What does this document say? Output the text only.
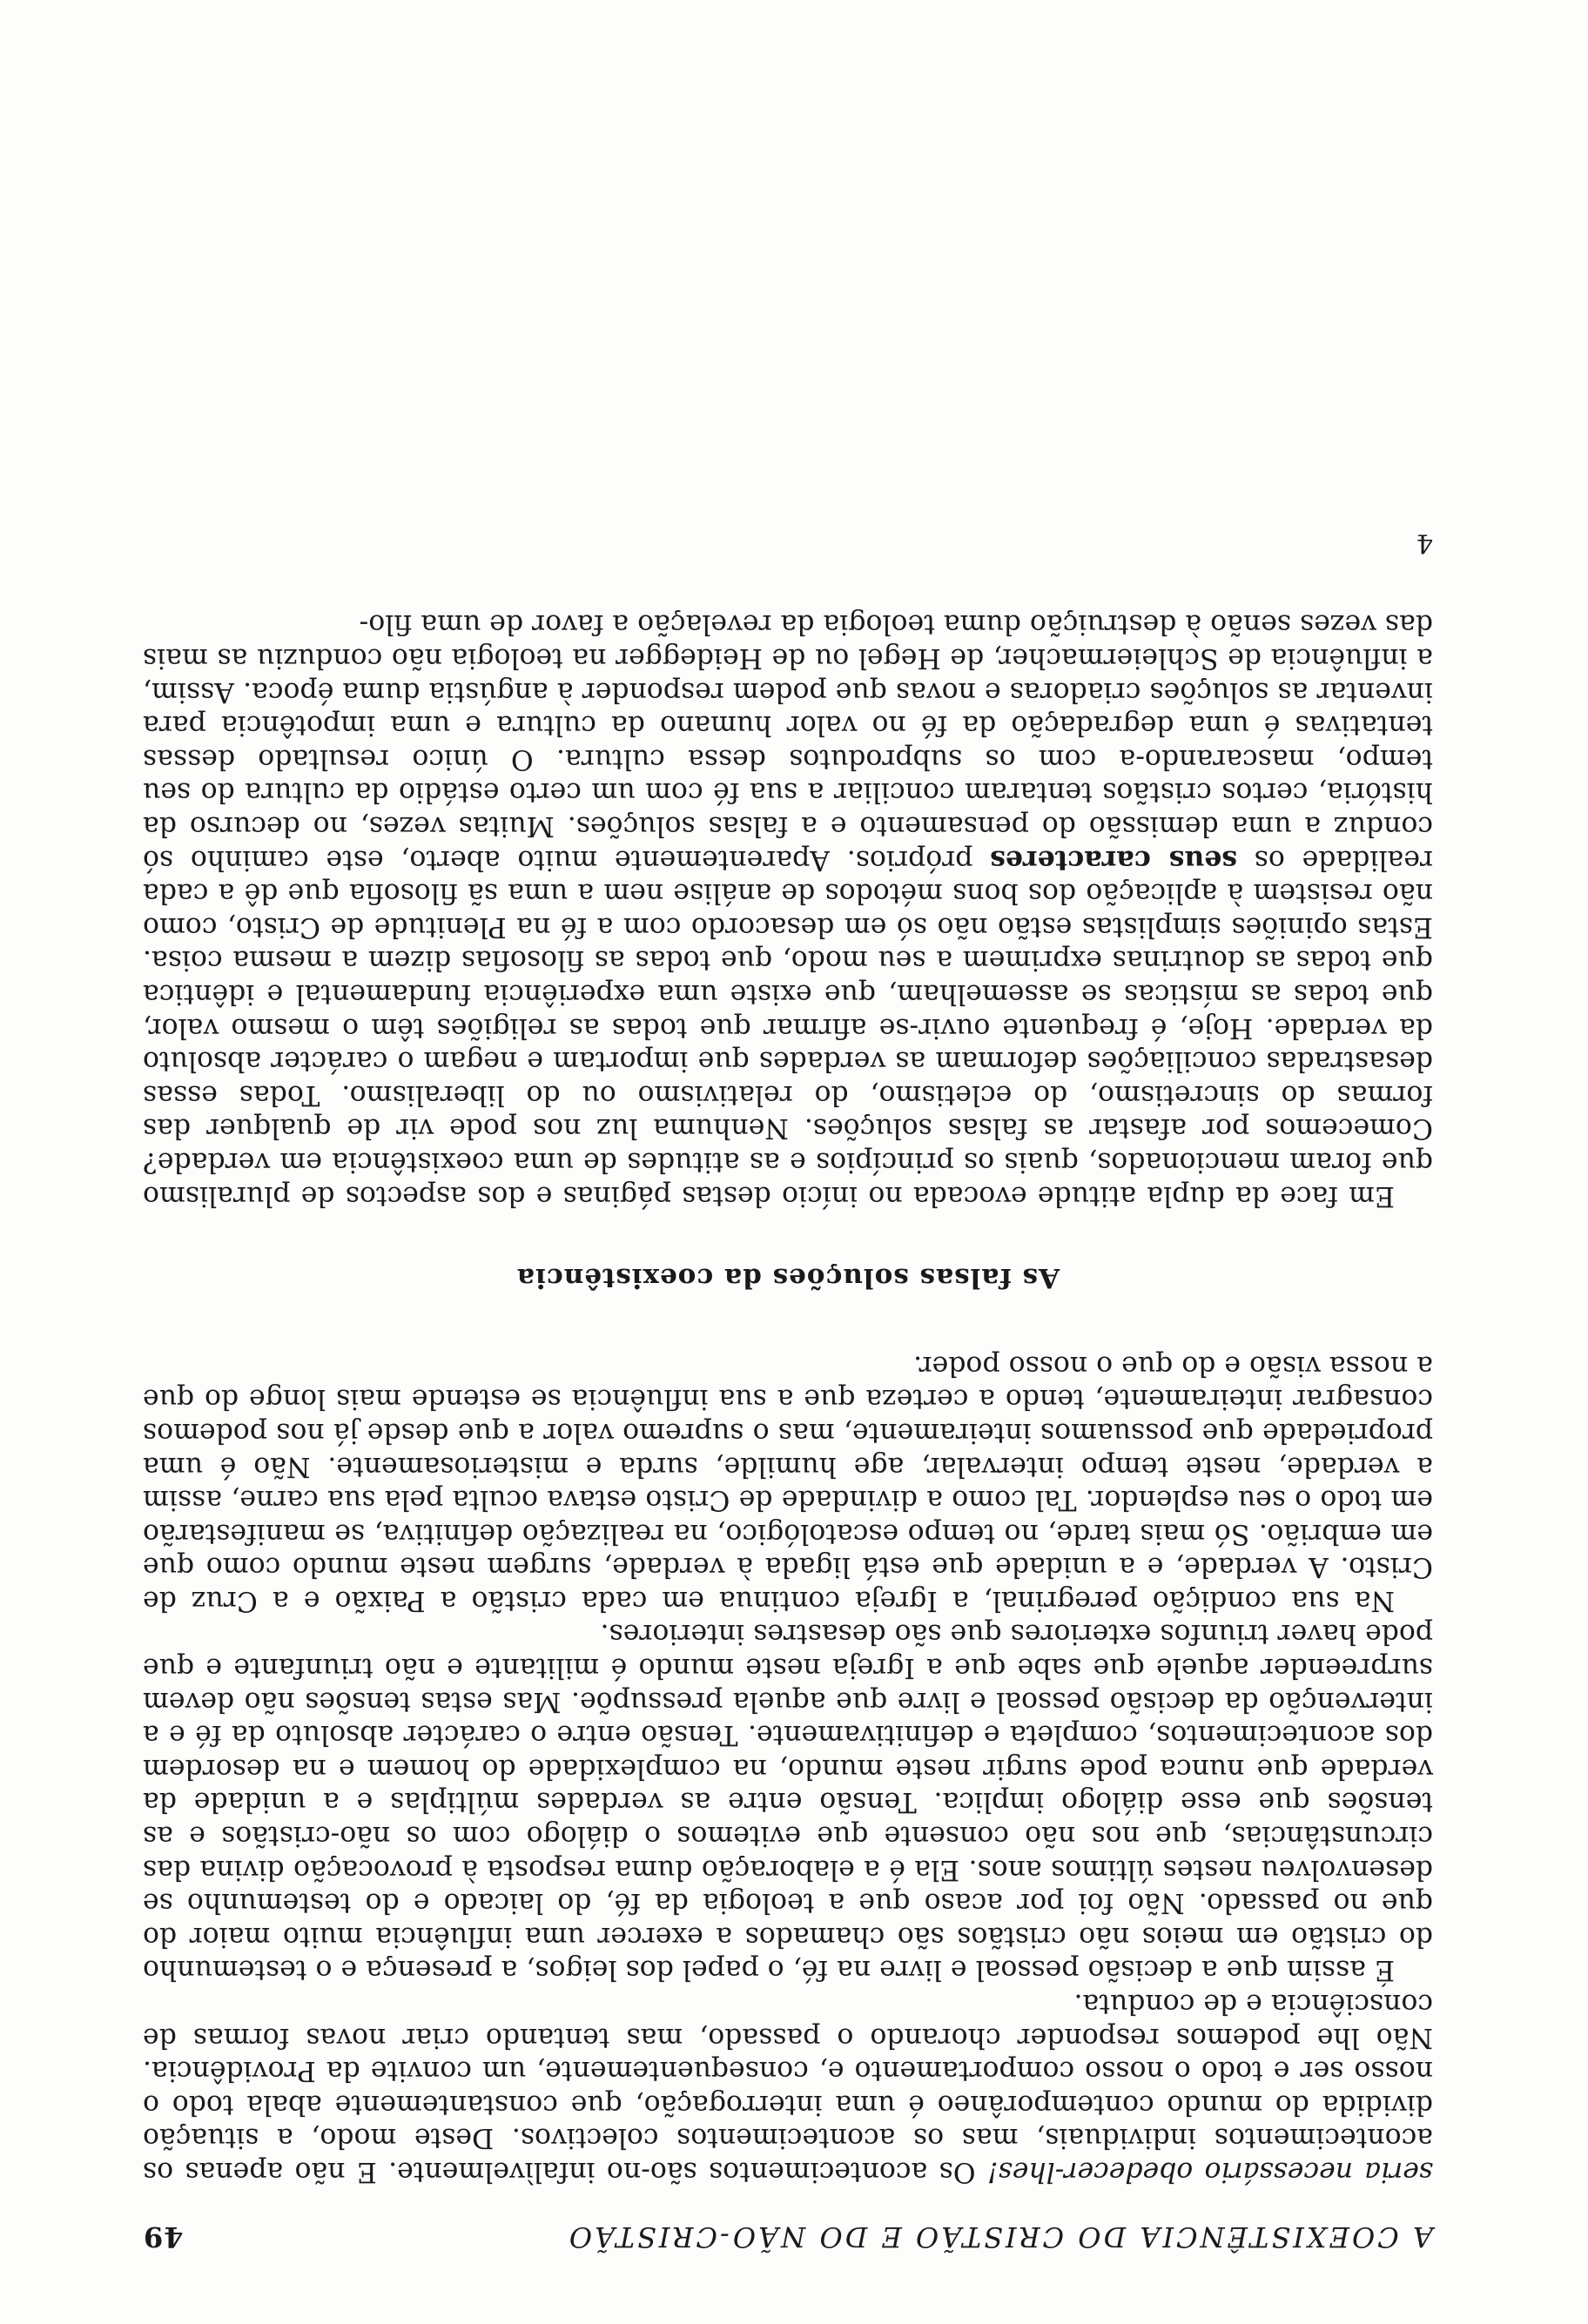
A COEXISTÊNCIA DO CRISTÃO E DO NÃO-CRISTÃO
49

seria necessário obedecer-lhes! Os acontecimentos são-no infalìvelmente. E não apenas os acontecimentos individuais, mas os acontecimentos colectivos. Deste modo, a situação dividida do mundo contemporâneo é uma interrogação, que constantemente abala todo o nosso ser e todo o nosso comportamento e, consequentemente, um convite da Providência. Não lhe podemos responder chorando o passado, mas tentando criar novas formas de consciência e de conduta.

É assim que a decisão pessoal e livre na fé, o papel dos leigos, a presença e o testemunho do cristão em meios não cristãos são chamados a exercer uma influência muito maior do que no passado. Não foi por acaso que a teologia da fé, do laicado e do testemunho se desenvolveu nestes últimos anos. Ela é a elaboração duma resposta à provocação divina das circunstâncias, que nos não consente que evitemos o diálogo com os não-cristãos e as tensões que esse diálogo implica. Tensão entre as verdades múltiplas e a unidade da verdade que nunca pode surgir neste mundo, na complexidade do homem e na desordem dos acontecimentos, completa e definitivamente. Tensão entre o carácter absoluto da fé e a intervenção da decisão pessoal e livre que aquela pressupõe. Mas estas tensões não devem surpreender aquele que sabe que a Igreja neste mundo é militante e não triunfante e que pode haver triunfos exteriores que são desastres interiores.

Na sua condição peregrinal, a Igreja continua em cada cristão a Paixão e a Cruz de Cristo. A verdade, e a unidade que está ligada à verdade, surgem neste mundo como que em embrião. Só mais tarde, no tempo escatológico, na realização definitiva, se manifestarão em todo o seu esplendor. Tal como a divindade de Cristo estava oculta pela sua carne, assim a verdade, neste tempo intervalar, age humilde, surda e misteriosamente. Não é uma propriedade que possuamos inteiramente, mas o supremo valor a que desde já nos podemos consagrar inteiramente, tendo a certeza que a sua influência se estende mais longe do que a nossa visão e do que o nosso poder.

As falsas soluções da coexistência

Em face da dupla atitude evocada no início destas páginas e dos aspectos de pluralismo que foram mencionados, quais os princípios e as atitudes de uma coexistência em verdade? Comecemos por afastar as falsas soluções. Nenhuma luz nos pode vir de qualquer das formas do sincretismo, do ecletismo, do relativismo ou do liberalismo. Todas essas desastradas conciliações deformam as verdades que importam e negam o carácter absoluto da verdade. Hoje, é frequente ouvir-se afirmar que todas as religiões têm o mesmo valor, que todas as místicas se assemelham, que existe uma experiência fundamental e idêntica que todas as doutrinas exprimem a seu modo, que todas as filosofias dizem a mesma coisa. Estas opiniões simplistas estão não só em desacordo com a fé na Plenitude de Cristo, como não resistem à aplicação dos bons métodos de análise nem a uma sã filosofia que dê a cada realidade os seus caracteres próprios. Aparentemente muito aberto, este caminho só conduz a uma demissão do pensamento e a falsas soluções. Muitas vezes, no decurso da história, certos cristãos tentaram conciliar a sua fé com um certo estádio da cultura do seu tempo, mascarando-a com os subprodutos dessa cultura. O único resultado dessas tentativas é uma degradação da fé no valor humano da cultura e uma impotência para inventar as soluções criadoras e novas que podem responder à angústia duma época. Assim, a influência de Schleiermacher, de Hegel ou de Heidegger na teologia não conduziu as mais das vezes senão à destruição duma teologia da revelação a favor de uma filo-

4
